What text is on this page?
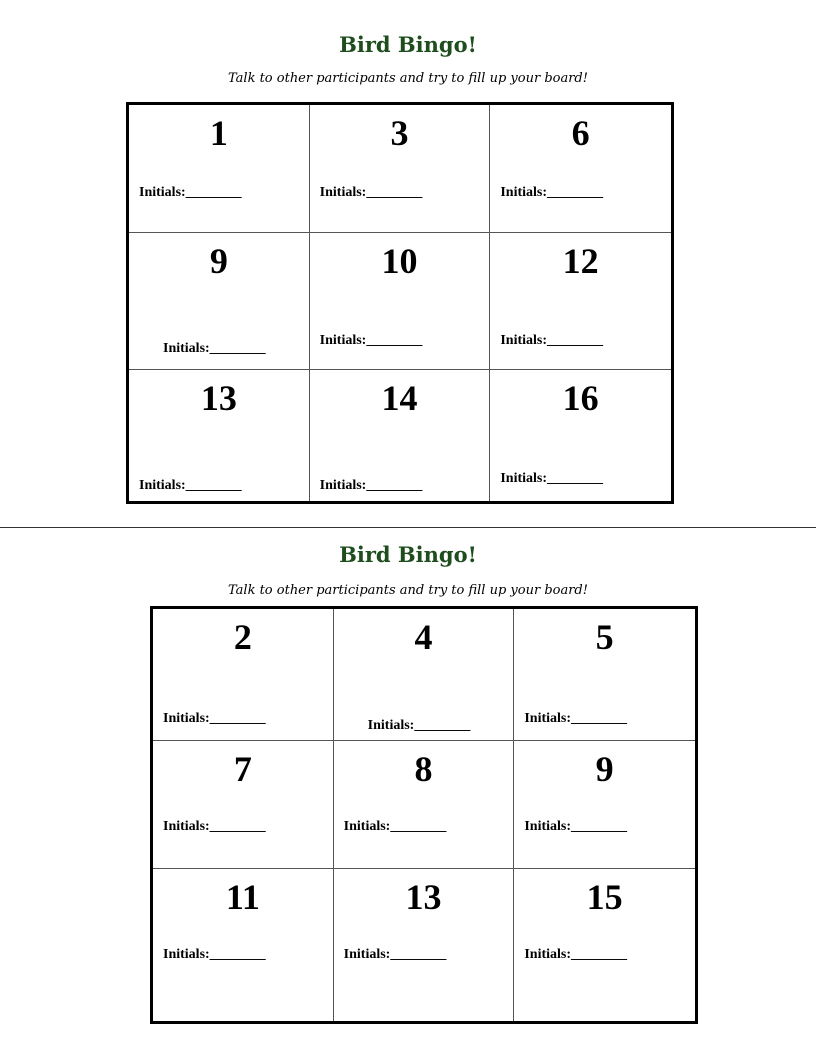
Bird Bingo!

Talk to other participants and try to fill up your board!

1
Initials:________
3
Initials:________
6
Initials:________
9
Initials:________
10
Initials:________
12
Initials:________
13
Initials:________
14
Initials:________
16
Initials:________
Bird Bingo!

Talk to other participants and try to fill up your board!

2
Initials:________
4
Initials:________
5
Initials:________
7
Initials:________
8
Initials:________
9
Initials:________
11
Initials:________
13
Initials:________
15
Initials:________
